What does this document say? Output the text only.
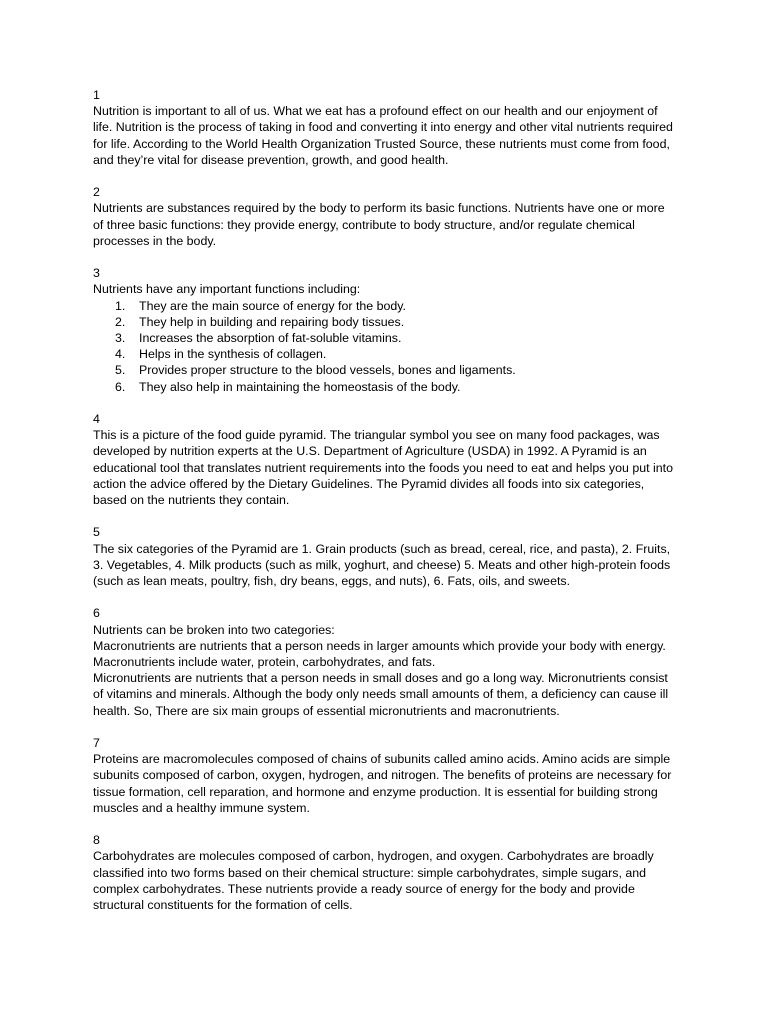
1
Nutrition is important to all of us. What we eat has a profound effect on our health and our enjoyment of life. Nutrition is the process of taking in food and converting it into energy and other vital nutrients required for life. According to the World Health Organization Trusted Source, these nutrients must come from food, and they’re vital for disease prevention, growth, and good health.
2
Nutrients are substances required by the body to perform its basic functions. Nutrients have one or more of three basic functions: they provide energy, contribute to body structure, and/or regulate chemical processes in the body.
3
Nutrients have any important functions including:
1. They are the main source of energy for the body.
2. They help in building and repairing body tissues.
3. Increases the absorption of fat-soluble vitamins.
4. Helps in the synthesis of collagen.
5. Provides proper structure to the blood vessels, bones and ligaments.
6. They also help in maintaining the homeostasis of the body.
4
This is a picture of the food guide pyramid. The triangular symbol you see on many food packages, was developed by nutrition experts at the U.S. Department of Agriculture (USDA) in 1992. A Pyramid is an educational tool that translates nutrient requirements into the foods you need to eat and helps you put into action the advice offered by the Dietary Guidelines. The Pyramid divides all foods into six categories, based on the nutrients they contain.
5
The six categories of the Pyramid are 1. Grain products (such as bread, cereal, rice, and pasta), 2. Fruits, 3. Vegetables, 4. Milk products (such as milk, yoghurt, and cheese) 5. Meats and other high-protein foods (such as lean meats, poultry, fish, dry beans, eggs, and nuts), 6. Fats, oils, and sweets.
6
Nutrients can be broken into two categories:
Macronutrients are nutrients that a person needs in larger amounts which provide your body with energy. Macronutrients include water, protein, carbohydrates, and fats.
Micronutrients are nutrients that a person needs in small doses and go a long way. Micronutrients consist of vitamins and minerals. Although the body only needs small amounts of them, a deficiency can cause ill health. So, There are six main groups of essential micronutrients and macronutrients.
7
Proteins are macromolecules composed of chains of subunits called amino acids. Amino acids are simple subunits composed of carbon, oxygen, hydrogen, and nitrogen. The benefits of proteins are necessary for tissue formation, cell reparation, and hormone and enzyme production. It is essential for building strong muscles and a healthy immune system.
8
Carbohydrates are molecules composed of carbon, hydrogen, and oxygen. Carbohydrates are broadly classified into two forms based on their chemical structure: simple carbohydrates, simple sugars, and complex carbohydrates. These nutrients provide a ready source of energy for the body and provide structural constituents for the formation of cells.
